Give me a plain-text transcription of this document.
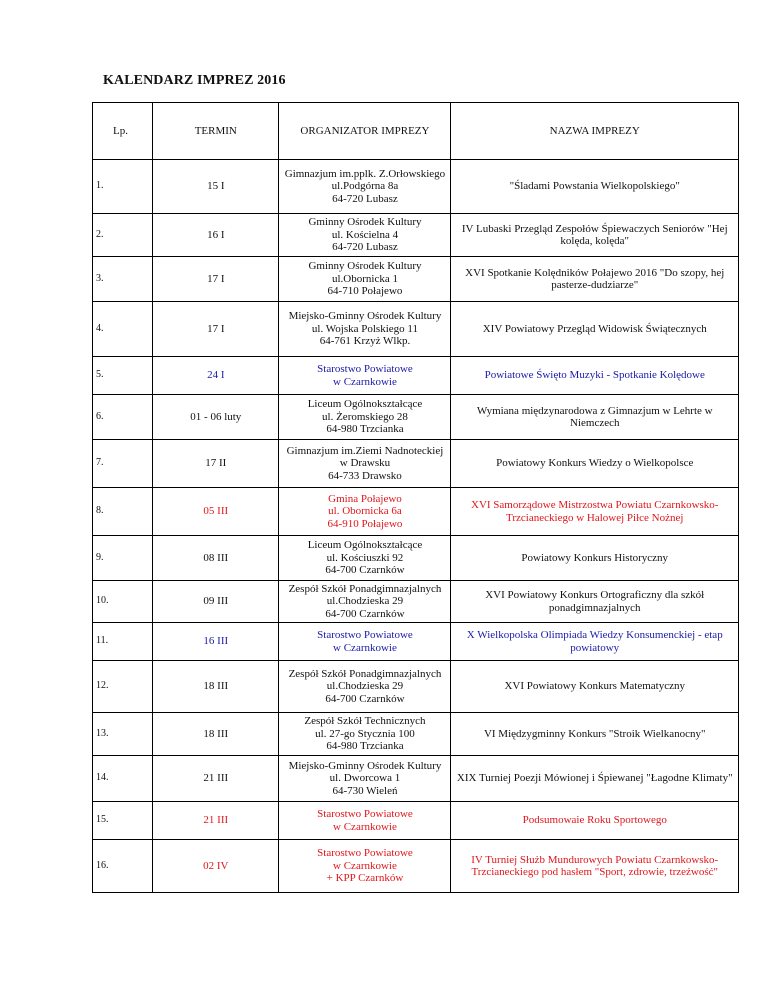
KALENDARZ IMPREZ 2016
Lp.	TERMIN	ORGANIZATOR IMPREZY	NAZWA IMPREZY
1.	15 I	Gimnazjum im.pplk. Z.Orłowskiego
ul.Podgórna 8a
64-720 Lubasz	"Śladami Powstania Wielkopolskiego"
2.	16 I	Gminny Ośrodek Kultury
ul. Kościelna 4
64-720 Lubasz	IV Lubaski Przegląd Zespołów Śpiewaczych Seniorów "Hej kolęda, kolęda"
3.	17 I	Gminny Ośrodek Kultury
ul.Obornicka 1
64-710 Połajewo	XVI Spotkanie Kolędników Połajewo 2016 "Do szopy, hej pasterze-dudziarze"
4.	17 I	Miejsko-Gminny Ośrodek Kultury
ul. Wojska Polskiego 11
64-761 Krzyż Wlkp.	XIV Powiatowy Przegląd Widowisk Świątecznych
5.	24 I	Starostwo Powiatowe
w Czarnkowie	Powiatowe Święto Muzyki - Spotkanie Kolędowe
6.	01 - 06 luty	Liceum Ogólnokształcące
ul. Żeromskiego 28
64-980 Trzcianka	Wymiana międzynarodowa z Gimnazjum w Lehrte w Niemczech
7.	17 II	Gimnazjum im.Ziemi Nadnoteckiej
w Drawsku
64-733 Drawsko	Powiatowy Konkurs Wiedzy o Wielkopolsce
8.	05 III	Gmina Połajewo
ul. Obornicka 6a
64-910 Połajewo	XVI Samorządowe Mistrzostwa Powiatu Czarnkowsko-Trzcianeckiego w Halowej Piłce Nożnej
9.	08 III	Liceum Ogólnokształcące
ul. Kościuszki 92
64-700 Czarnków	Powiatowy Konkurs Historyczny
10.	09 III	Zespół Szkół Ponadgimnazjalnych
ul.Chodzieska 29
64-700 Czarnków	XVI Powiatowy Konkurs Ortograficzny dla szkół ponadgimnazjalnych
11.	16 III	Starostwo Powiatowe
w Czarnkowie	X Wielkopolska Olimpiada Wiedzy Konsumenckiej - etap powiatowy
12.	18 III	Zespół Szkół Ponadgimnazjalnych
ul.Chodzieska 29
64-700 Czarnków	XVI Powiatowy Konkurs Matematyczny
13.	18 III	Zespół Szkół Technicznych
ul. 27-go Stycznia 100
64-980 Trzcianka	VI Międzygminny Konkurs "Stroik Wielkanocny"
14.	21 III	Miejsko-Gminny Ośrodek Kultury
ul. Dworcowa 1
64-730 Wieleń	XIX Turniej Poezji Mówionej i Śpiewanej "Łagodne Klimaty"
15.	21 III	Starostwo Powiatowe
w Czarnkowie	Podsumowaie Roku Sportowego
16.	02 IV	Starostwo Powiatowe
w Czarnkowie
+ KPP Czarnków	IV Turniej Służb Mundurowych Powiatu Czarnkowsko-Trzcianeckiego pod hasłem "Sport, zdrowie, trzeźwość"
